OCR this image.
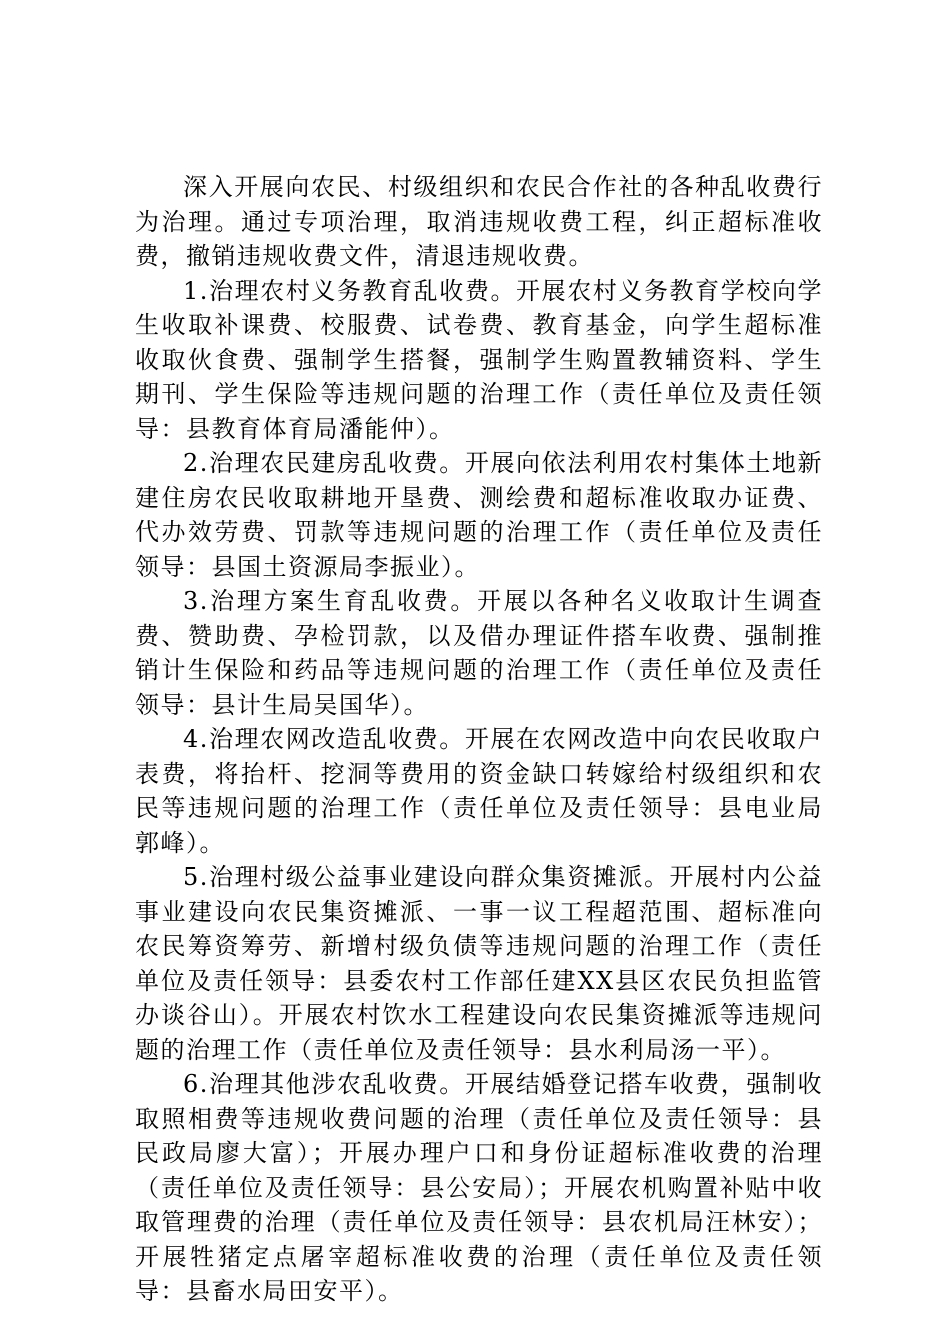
深入开展向农民、村级组织和农民合作社的各种乱收费行为治理。通过专项治理，取消违规收费工程，纠正超标准收费，撤销违规收费文件，清退违规收费。

1.治理农村义务教育乱收费。开展农村义务教育学校向学生收取补课费、校服费、试卷费、教育基金，向学生超标准收取伙食费、强制学生搭餐，强制学生购置教辅资料、学生期刊、学生保险等违规问题的治理工作（责任单位及责任领导：县教育体育局潘能仲）。

2.治理农民建房乱收费。开展向依法利用农村集体土地新建住房农民收取耕地开垦费、测绘费和超标准收取办证费、代办效劳费、罚款等违规问题的治理工作（责任单位及责任领导：县国土资源局李振业）。

3.治理方案生育乱收费。开展以各种名义收取计生调查费、赞助费、孕检罚款，以及借办理证件搭车收费、强制推销计生保险和药品等违规问题的治理工作（责任单位及责任领导：县计生局吴国华）。

4.治理农网改造乱收费。开展在农网改造中向农民收取户表费，将抬杆、挖洞等费用的资金缺口转嫁给村级组织和农民等违规问题的治理工作（责任单位及责任领导：县电业局郭峰）。

5.治理村级公益事业建设向群众集资摊派。开展村内公益事业建设向农民集资摊派、一事一议工程超范围、超标准向农民筹资筹劳、新增村级负债等违规问题的治理工作（责任单位及责任领导：县委农村工作部任建XX县区农民负担监管办谈谷山）。开展农村饮水工程建设向农民集资摊派等违规问题的治理工作（责任单位及责任领导：县水利局汤一平）。

6.治理其他涉农乱收费。开展结婚登记搭车收费，强制收取照相费等违规收费问题的治理（责任单位及责任领导：县民政局廖大富）；开展办理户口和身份证超标准收费的治理（责任单位及责任领导：县公安局）；开展农机购置补贴中收取管理费的治理（责任单位及责任领导：县农机局汪林安）；开展牲猪定点屠宰超标准收费的治理（责任单位及责任领导：县畜水局田安平）。
